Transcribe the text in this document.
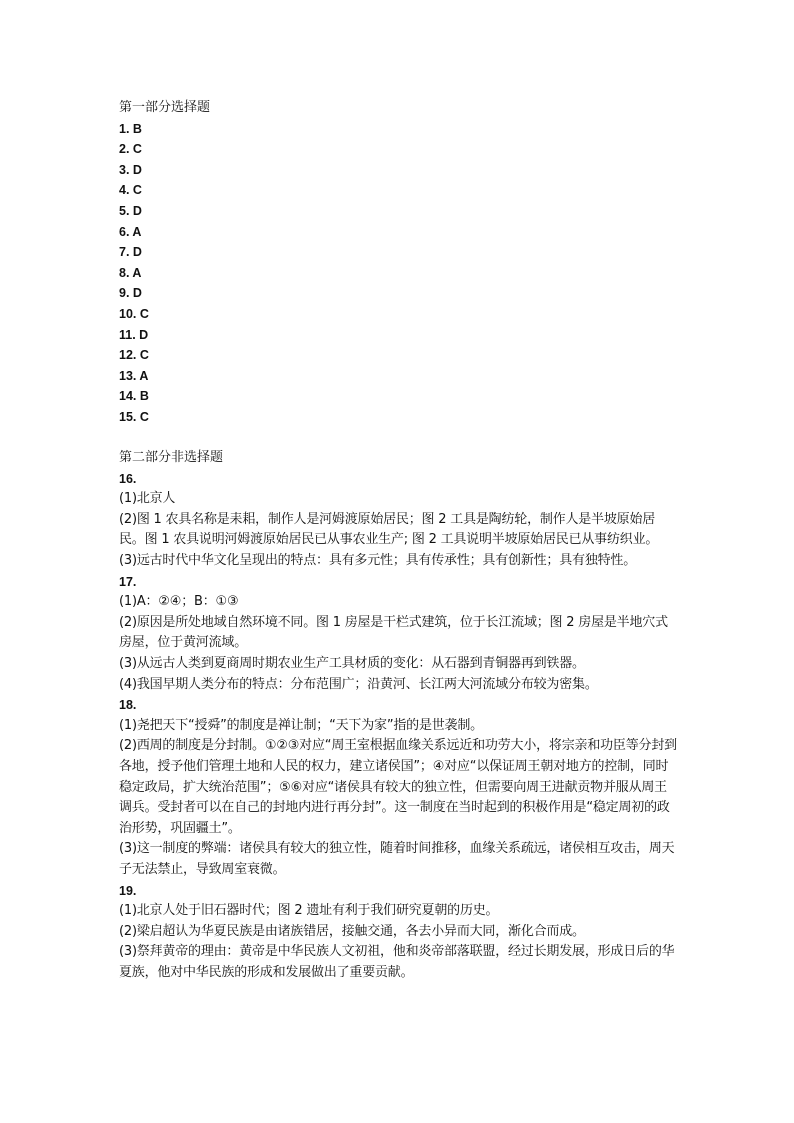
第一部分选择题
1. B
2. C
3. D
4. C
5. D
6. A
7. D
8. A
9. D
10. C
11. D
12. C
13. A
14. B
15. C
第二部分非选择题
16.
(1)北京人
(2)图 1 农具名称是耒耜，制作人是河姆渡原始居民；图 2 工具是陶纺轮，制作人是半坡原始居民。图 1 农具说明河姆渡原始居民已从事农业生产; 图 2 工具说明半坡原始居民已从事纺织业。
(3)远古时代中华文化呈现出的特点：具有多元性；具有传承性；具有创新性；具有独特性。
17.
(1)A：②④；B：①③
(2)原因是所处地域自然环境不同。图 1 房屋是干栏式建筑，位于长江流域；图 2 房屋是半地穴式房屋，位于黄河流域。
(3)从远古人类到夏商周时期农业生产工具材质的变化：从石器到青铜器再到铁器。
(4)我国早期人类分布的特点：分布范围广；沿黄河、长江两大河流域分布较为密集。
18.
(1)尧把天下“授舜”的制度是禅让制；“天下为家”指的是世袭制。
(2)西周的制度是分封制。①②③对应“周王室根据血缘关系远近和功劳大小，将宗亲和功臣等分封到各地，授予他们管理土地和人民的权力，建立诸侯国”；④对应“以保证周王朝对地方的控制，同时稳定政局，扩大统治范围”；⑤⑥对应“诸侯具有较大的独立性，但需要向周王进献贡物并服从周王调兵。受封者可以在自己的封地内进行再分封”。这一制度在当时起到的积极作用是“稳定周初的政治形势，巩固疆土”。
(3)这一制度的弊端：诸侯具有较大的独立性，随着时间推移，血缘关系疏远，诸侯相互攻击，周天子无法禁止，导致周室衰微。
19.
(1)北京人处于旧石器时代；图 2 遗址有利于我们研究夏朝的历史。
(2)梁启超认为华夏民族是由诸族错居，接触交通，各去小异而大同，渐化合而成。
(3)祭拜黄帝的理由：黄帝是中华民族人文初祖，他和炎帝部落联盟，经过长期发展，形成日后的华夏族，他对中华民族的形成和发展做出了重要贡献。
